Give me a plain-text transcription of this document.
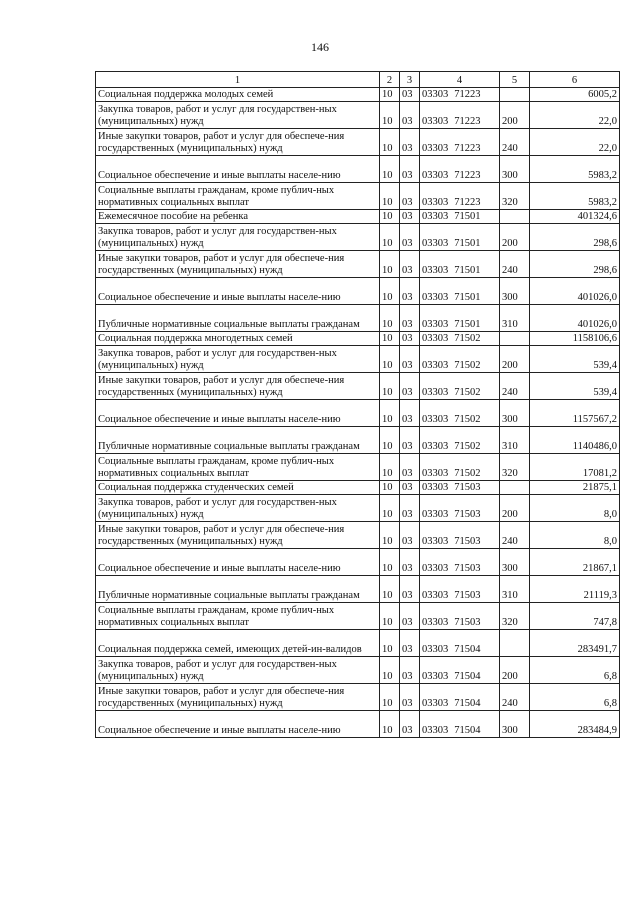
146
1	2	3	4	5	6
Социальная поддержка молодых семей	10	03	03303 71223		6005,2
Закупка товаров, работ и услуг для государствен-ных (муниципальных) нужд	10	03	03303 71223	200	22,0
Иные закупки товаров, работ и услуг для обеспече-ния государственных (муниципальных) нужд	10	03	03303 71223	240	22,0
Социальное обеспечение и иные выплаты населе-нию	10	03	03303 71223	300	5983,2
Социальные выплаты гражданам, кроме публич-ных нормативных социальных выплат	10	03	03303 71223	320	5983,2
Ежемесячное пособие на ребенка	10	03	03303 71501		401324,6
Закупка товаров, работ и услуг для государствен-ных (муниципальных) нужд	10	03	03303 71501	200	298,6
Иные закупки товаров, работ и услуг для обеспече-ния государственных (муниципальных) нужд	10	03	03303 71501	240	298,6
Социальное обеспечение и иные выплаты населе-нию	10	03	03303 71501	300	401026,0
Публичные нормативные социальные выплаты гражданам	10	03	03303 71501	310	401026,0
Социальная поддержка многодетных семей	10	03	03303 71502		1158106,6
Закупка товаров, работ и услуг для государствен-ных (муниципальных) нужд	10	03	03303 71502	200	539,4
Иные закупки товаров, работ и услуг для обеспече-ния государственных (муниципальных) нужд	10	03	03303 71502	240	539,4
Социальное обеспечение и иные выплаты населе-нию	10	03	03303 71502	300	1157567,2
Публичные нормативные социальные выплаты гражданам	10	03	03303 71502	310	1140486,0
Социальные выплаты гражданам, кроме публич-ных нормативных социальных выплат	10	03	03303 71502	320	17081,2
Социальная поддержка студенческих семей	10	03	03303 71503		21875,1
Закупка товаров, работ и услуг для государствен-ных (муниципальных) нужд	10	03	03303 71503	200	8,0
Иные закупки товаров, работ и услуг для обеспече-ния государственных (муниципальных) нужд	10	03	03303 71503	240	8,0
Социальное обеспечение и иные выплаты населе-нию	10	03	03303 71503	300	21867,1
Публичные нормативные социальные выплаты гражданам	10	03	03303 71503	310	21119,3
Социальные выплаты гражданам, кроме публич-ных нормативных социальных выплат	10	03	03303 71503	320	747,8
Социальная поддержка семей, имеющих детей-ин-валидов	10	03	03303 71504		283491,7
Закупка товаров, работ и услуг для государствен-ных (муниципальных) нужд	10	03	03303 71504	200	6,8
Иные закупки товаров, работ и услуг для обеспече-ния государственных (муниципальных) нужд	10	03	03303 71504	240	6,8
Социальное обеспечение и иные выплаты населе-нию	10	03	03303 71504	300	283484,9
